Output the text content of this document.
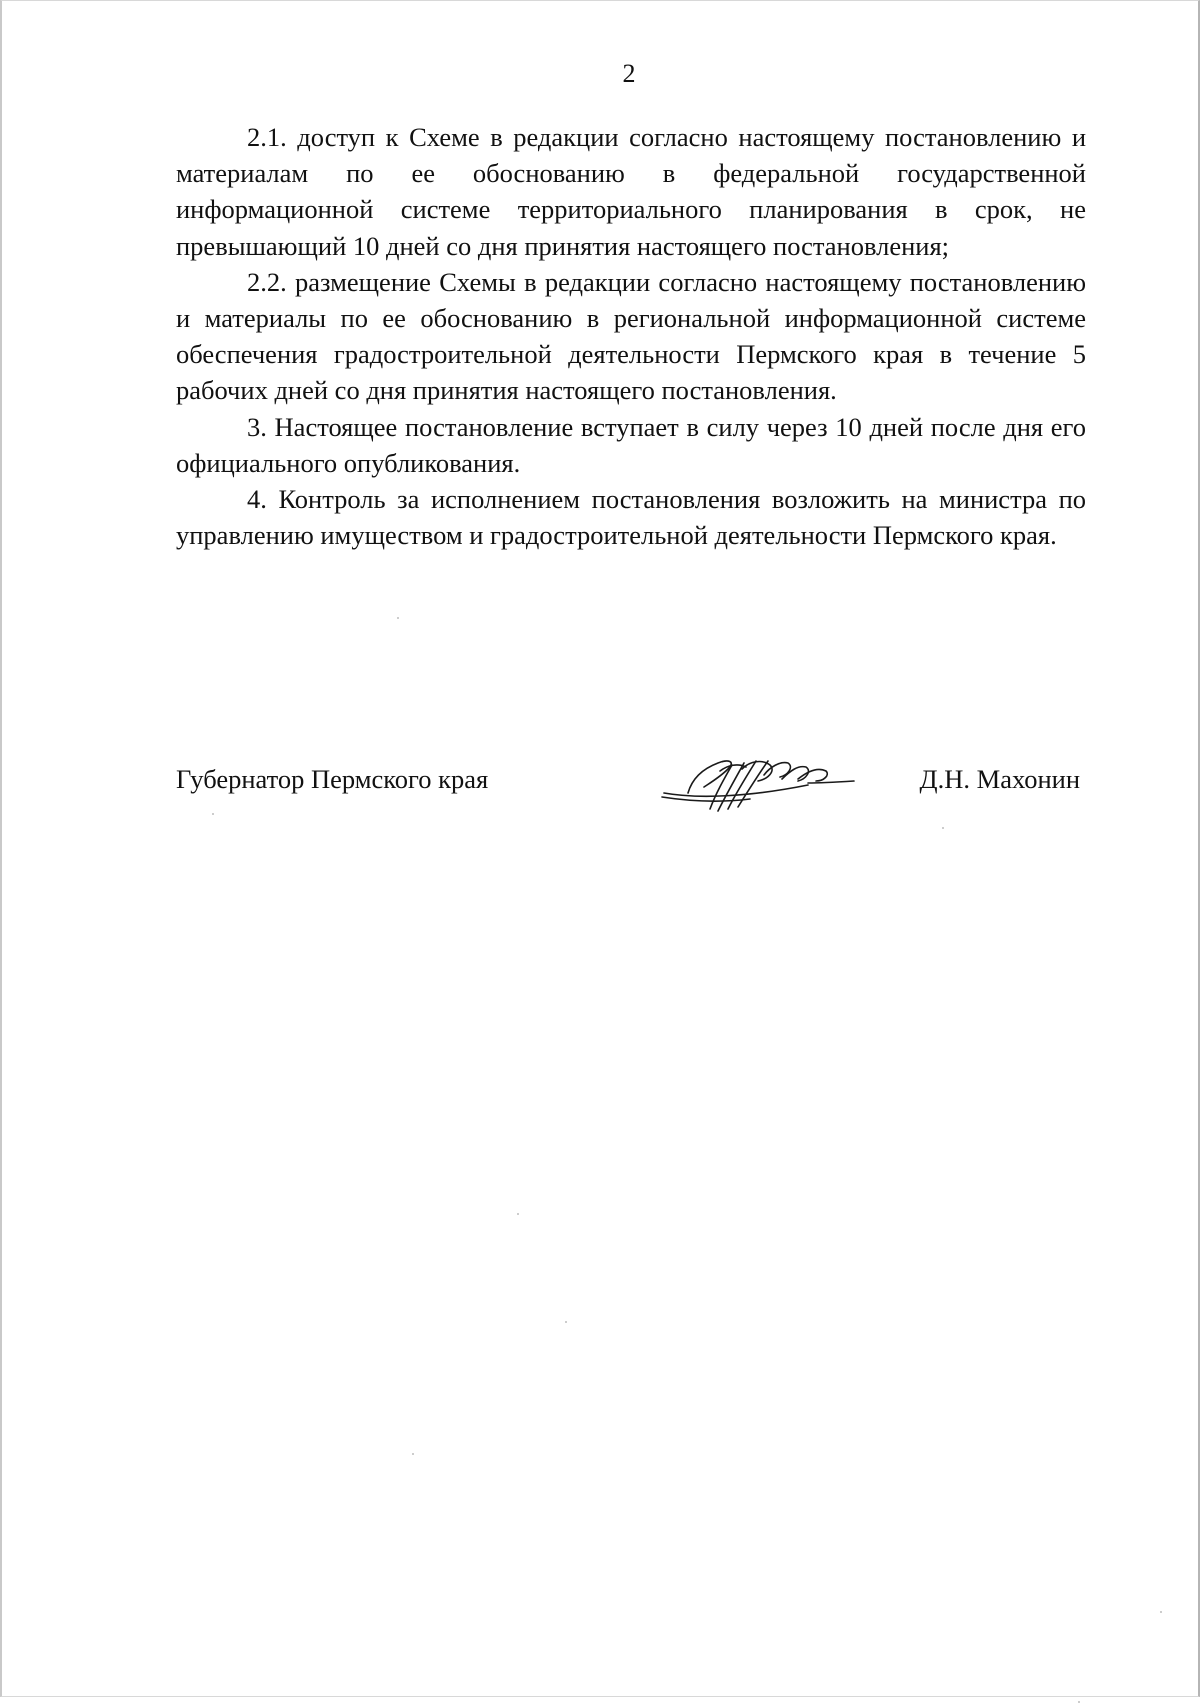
2

2.1. доступ к Схеме в редакции согласно настоящему постановлению и материалам по ее обоснованию в федеральной государственной информационной системе территориального планирования в срок, не превышающий 10 дней со дня принятия настоящего постановления;

2.2. размещение Схемы в редакции согласно настоящему постановлению и материалы по ее обоснованию в региональной информационной системе обеспечения градостроительной деятельности Пермского края в течение 5 рабочих дней со дня принятия настоящего постановления.

3. Настоящее постановление вступает в силу через 10 дней после дня его официального опубликования.

4. Контроль за исполнением постановления возложить на министра по управлению имуществом и градостроительной деятельности Пермского края.

Губернатор Пермского края	Д.Н. Махонин
